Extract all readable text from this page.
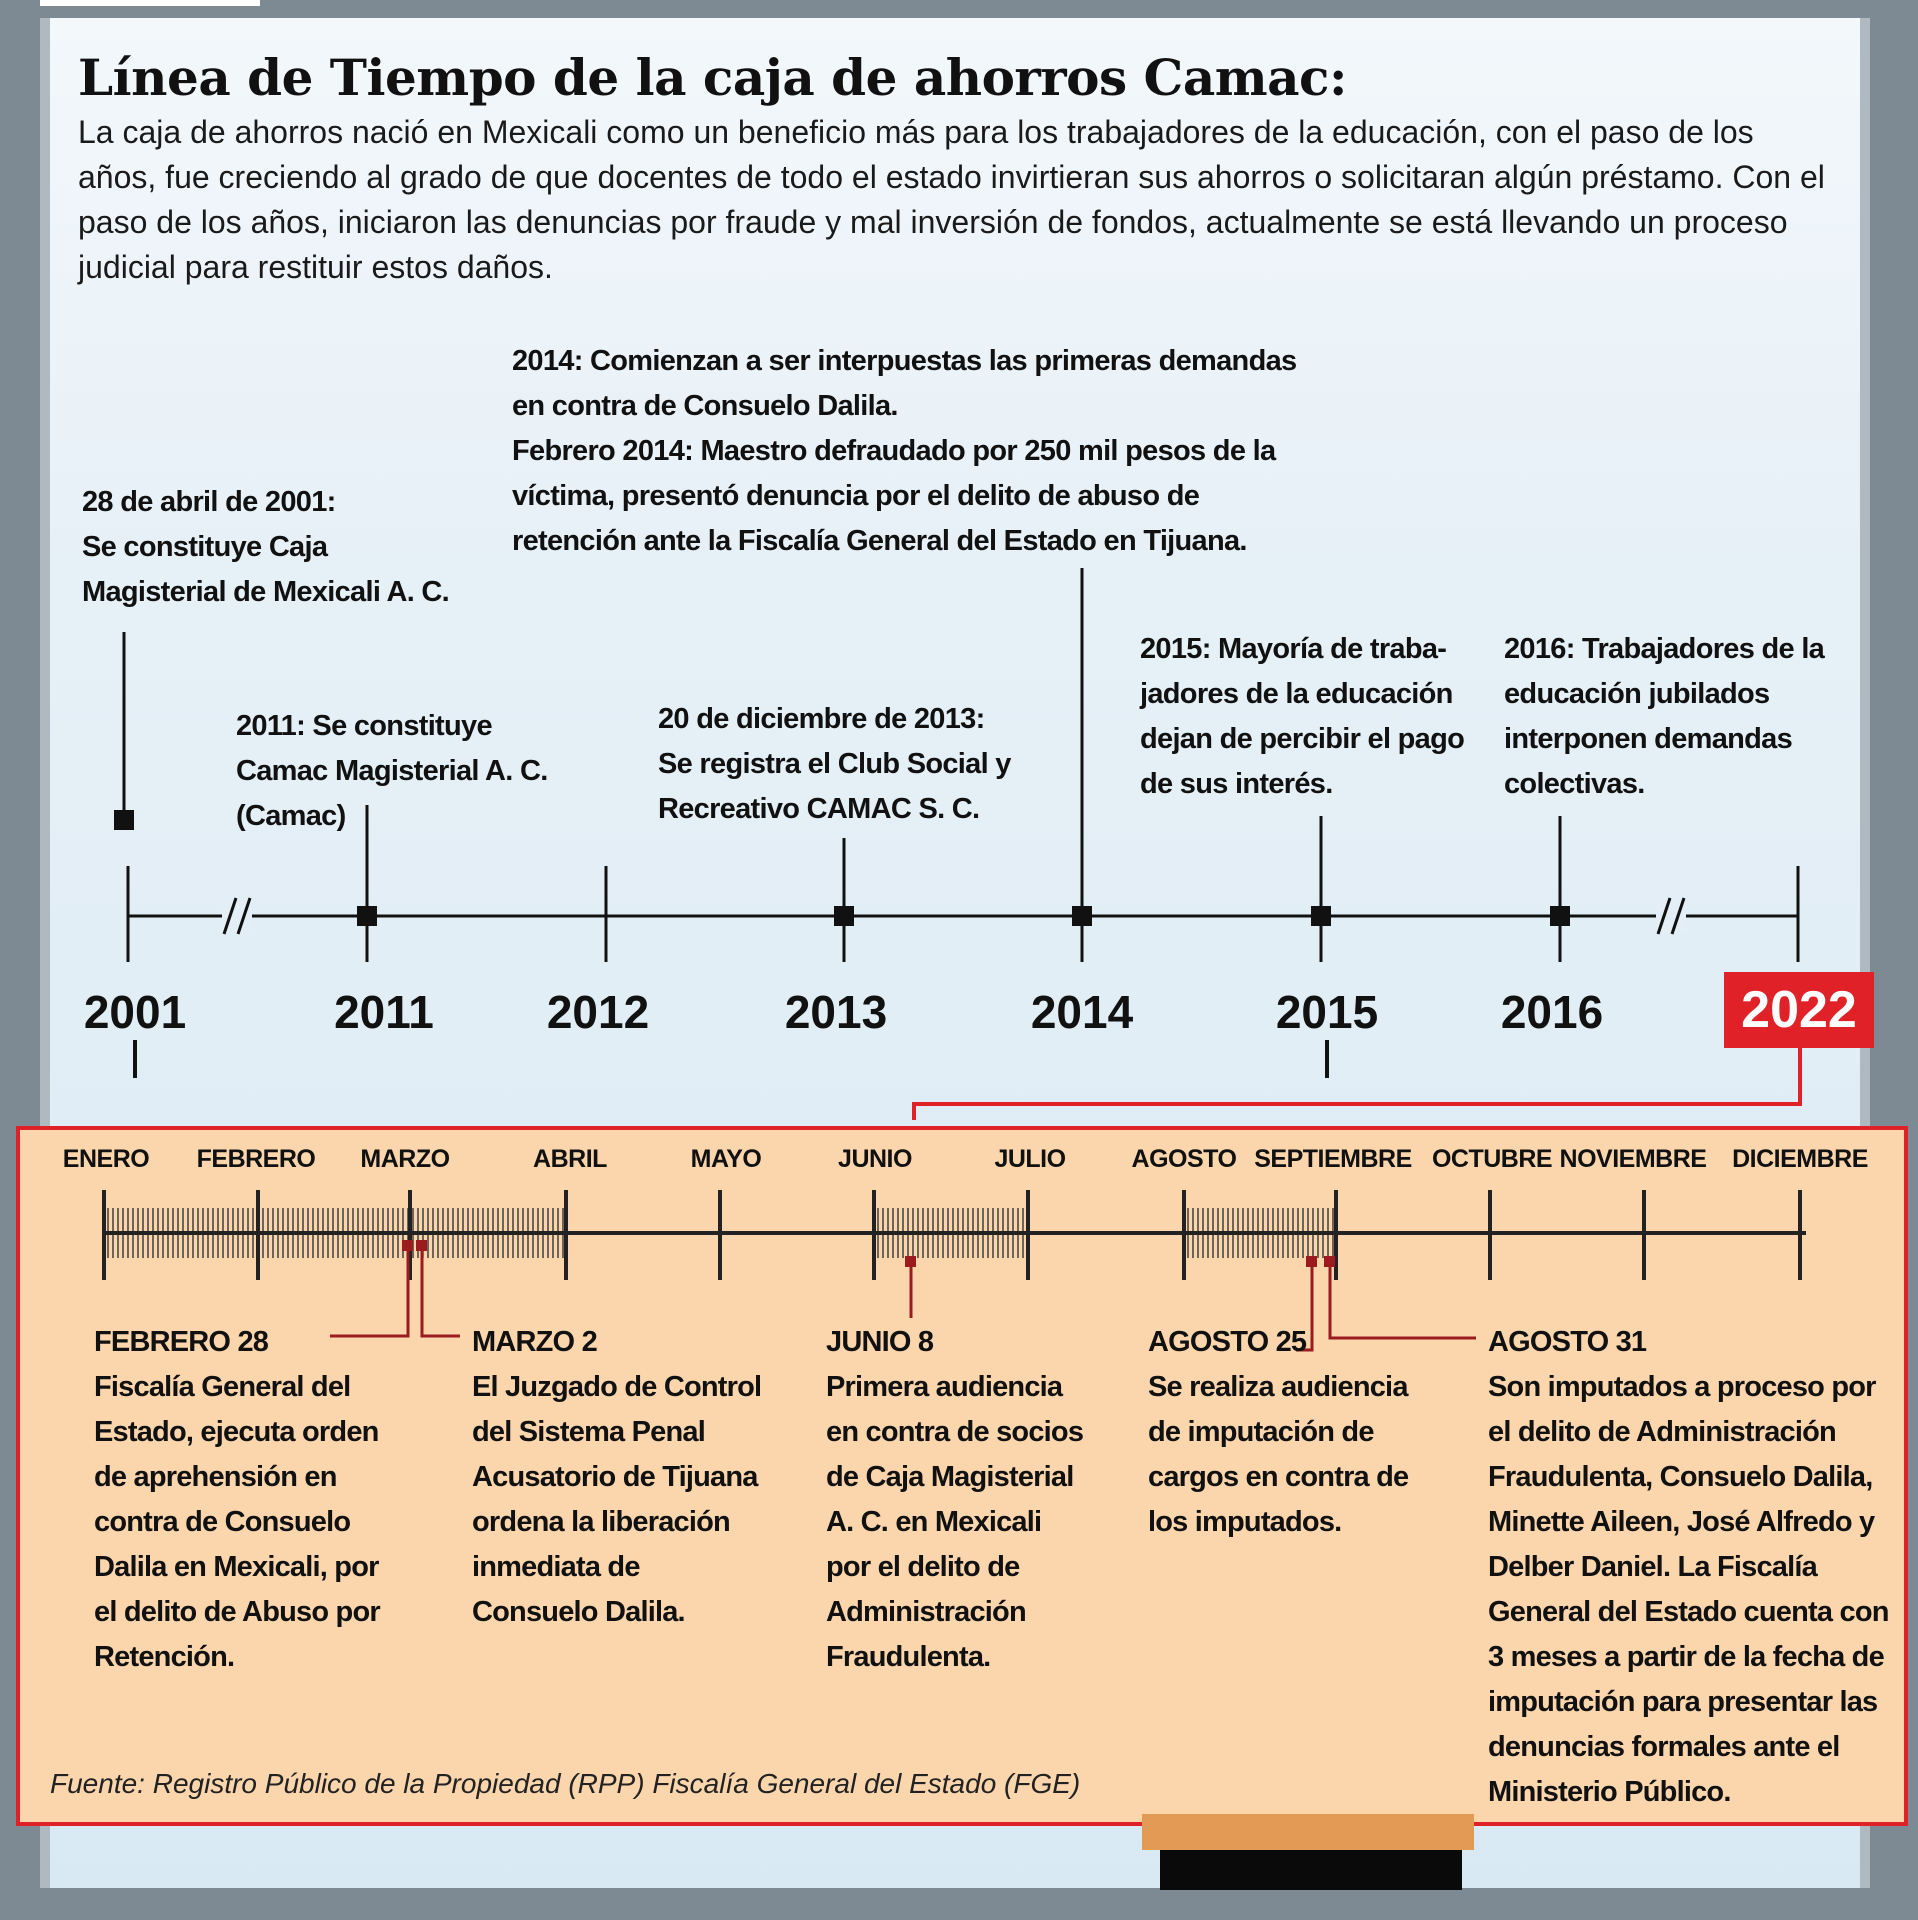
Línea de Tiempo de la caja de ahorros Camac:

La caja de ahorros nació en Mexicali como un beneficio más para los trabajadores de la educación, con el paso de los años, fue creciendo al grado de que docentes de todo el estado invirtieran sus ahorros o solicitaran algún préstamo. Con el paso de los años, iniciaron las denuncias por fraude y mal inversión de fondos, actualmente se está llevando un proceso judicial para restituir estos daños.

28 de abril de 2001:
Se constituye Caja
Magisterial de Mexicali A. C.
2011: Se constituye
Camac Magisterial A. C.
(Camac)
20 de diciembre de 2013:
Se registra el Club Social y
Recreativo CAMAC S. C.
2014: Comienzan a ser interpuestas las primeras demandas
en contra de Consuelo Dalila.
Febrero 2014: Maestro defraudado por 250 mil pesos de la
víctima, presentó denuncia por el delito de abuso de
retención ante la Fiscalía General del Estado en Tijuana.
2015: Mayoría de traba-
jadores de la educación
dejan de percibir el pago
de sus interés.
2016: Trabajadores de la
educación jubilados
interponen demandas
colectivas.
2001	2011	2012	2013	2014	2015	2016	2022
ENERO FEBRERO MARZO	ABRIL	MAYO	JUNIO	JULIO	AGOSTO SEPTIEMBRE OCTUBRE NOVIEMBRE DICIEMBRE
FEBRERO 28
Fiscalía General del
Estado, ejecuta orden
de aprehensión en
contra de Consuelo
Dalila en Mexicali, por
el delito de Abuso por
Retención.
MARZO 2
El Juzgado de Control
del Sistema Penal
Acusatorio de Tijuana
ordena la liberación
inmediata de
Consuelo Dalila.
JUNIO 8
Primera audiencia
en contra de socios
de Caja Magisterial
A. C. en Mexicali
por el delito de
Administración
Fraudulenta.
AGOSTO 25
Se realiza audiencia
de imputación de
cargos en contra de
los imputados.
AGOSTO 31
Son imputados a proceso por
el delito de Administración
Fraudulenta, Consuelo Dalila,
Minette Aileen, José Alfredo y
Delber Daniel. La Fiscalía
General del Estado cuenta con
3 meses a partir de la fecha de
imputación para presentar las
denuncias formales ante el
Ministerio Público.
Fuente: Registro Público de la Propiedad (RPP) Fiscalía General del Estado (FGE)
